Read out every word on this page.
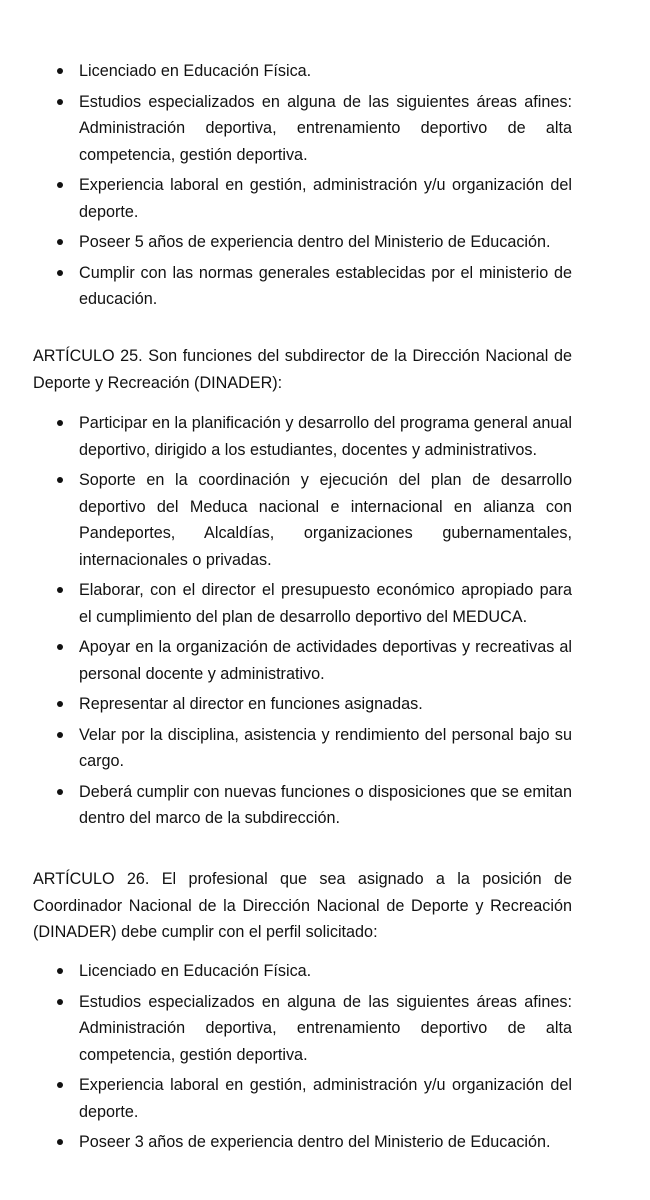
Licenciado en Educación Física.
Estudios especializados en alguna de las siguientes áreas afines: Administración deportiva, entrenamiento deportivo de alta competencia, gestión deportiva.
Experiencia laboral en gestión, administración y/u organización del deporte.
Poseer 5 años de experiencia dentro del Ministerio de Educación.
Cumplir con las normas generales establecidas por el ministerio de educación.

ARTÍCULO 25. Son funciones del subdirector de la Dirección Nacional de Deporte y Recreación (DINADER):

Participar en la planificación y desarrollo del programa general anual deportivo, dirigido a los estudiantes, docentes y administrativos.
Soporte en la coordinación y ejecución del plan de desarrollo deportivo del Meduca nacional e internacional en alianza con Pandeportes, Alcaldías, organizaciones gubernamentales, internacionales o privadas.
Elaborar, con el director el presupuesto económico apropiado para el cumplimiento del plan de desarrollo deportivo del MEDUCA.
Apoyar en la organización de actividades deportivas y recreativas al personal docente y administrativo.
Representar al director en funciones asignadas.
Velar por la disciplina, asistencia y rendimiento del personal bajo su cargo.
Deberá cumplir con nuevas funciones o disposiciones que se emitan dentro del marco de la subdirección.

ARTÍCULO 26. El profesional que sea asignado a la posición de Coordinador Nacional de la Dirección Nacional de Deporte y Recreación (DINADER) debe cumplir con el perfil solicitado:

Licenciado en Educación Física.
Estudios especializados en alguna de las siguientes áreas afines: Administración deportiva, entrenamiento deportivo de alta competencia, gestión deportiva.
Experiencia laboral en gestión, administración y/u organización del deporte.
Poseer 3 años de experiencia dentro del Ministerio de Educación.
